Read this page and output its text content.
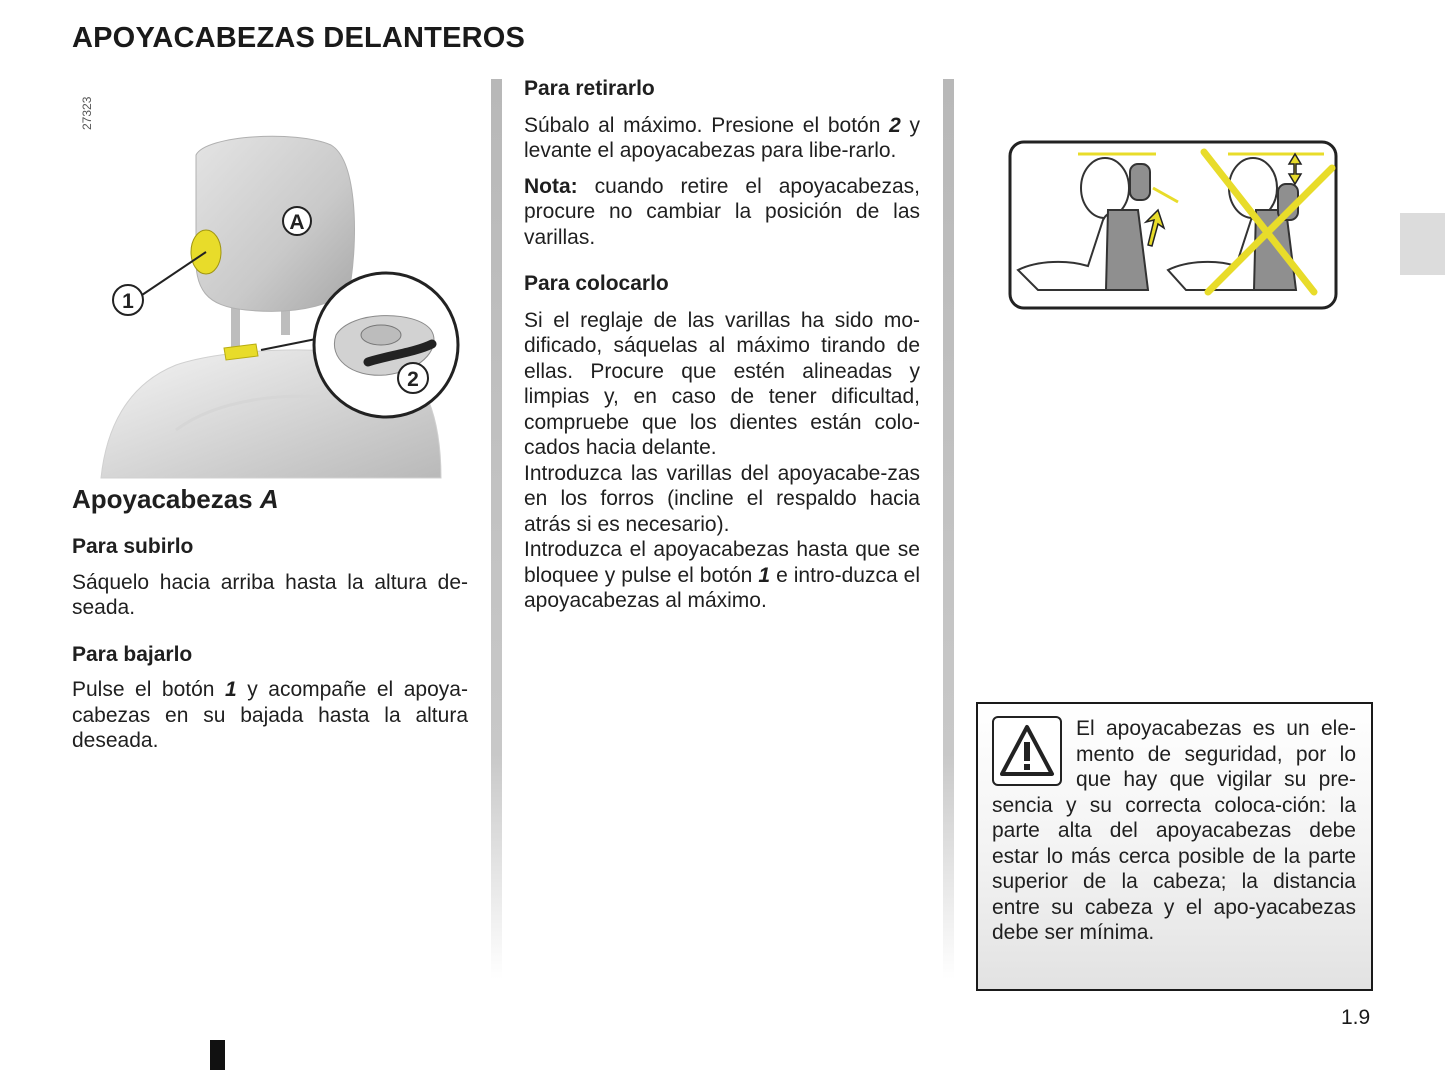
APOYACABEZAS DELANTEROS
27323
A
1
2
Apoyacabezas A
Para subirlo

Sáquelo hacia arriba hasta la altura de-seada.

Para bajarlo

Pulse el botón 1 y acompañe el apoya-cabezas en su bajada hasta la altura deseada.

Para retirarlo

Súbalo al máximo. Presione el botón 2 y levante el apoyacabezas para libe-rarlo.

Nota: cuando retire el apoyacabezas, procure no cambiar la posición de las varillas.

Para colocarlo

Si el reglaje de las varillas ha sido mo-dificado, sáquelas al máximo tirando de ellas. Procure que estén alineadas y limpias y, en caso de tener dificultad, compruebe que los dientes están colo-cados hacia delante.

Introduzca las varillas del apoyacabe-zas en los forros (incline el respaldo hacia atrás si es necesario).

Introduzca el apoyacabezas hasta que se bloquee y pulse el botón 1 e intro-duzca el apoyacabezas al máximo.

El apoyacabezas es un ele-mento de seguridad, por lo que hay que vigilar su pre-sencia y su correcta coloca-ción: la parte alta del apoyacabezas debe estar lo más cerca posible de la parte superior de la cabeza; la distancia entre su cabeza y el apo-yacabezas debe ser mínima.
1.9
